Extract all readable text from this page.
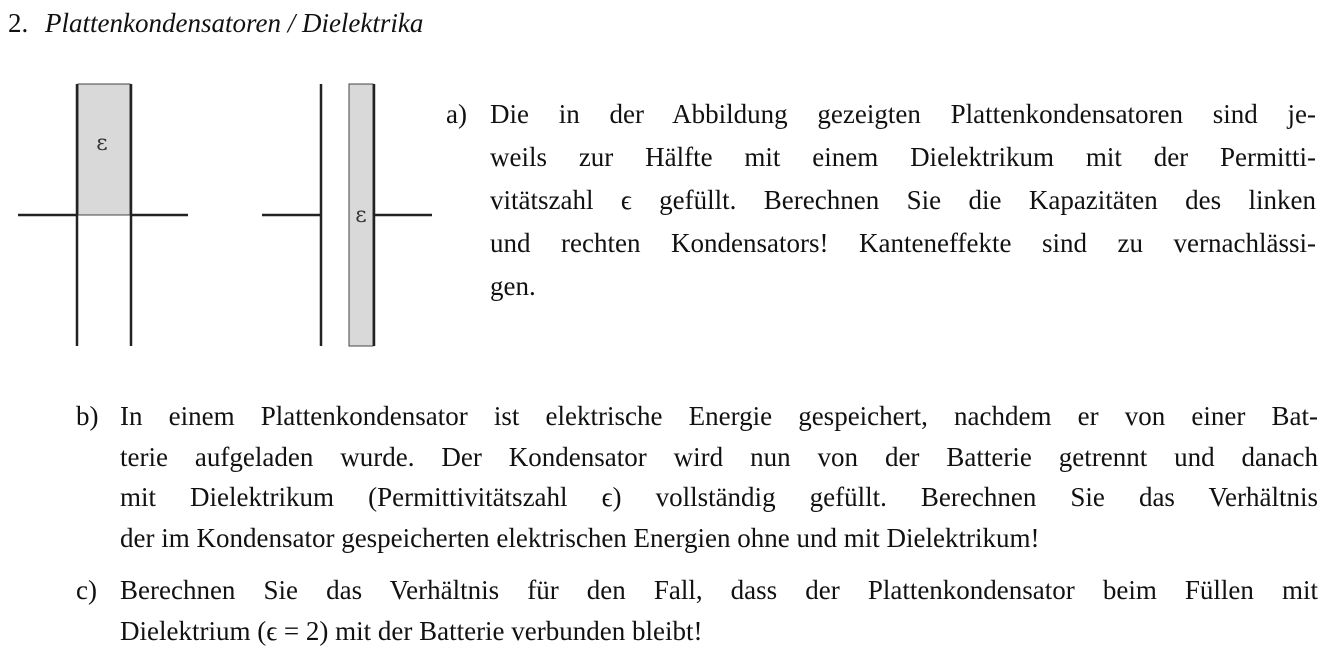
2. Plattenkondensatoren / Dielektrika
ε
ε
a) Die in der Abbildung gezeigten Plattenkondensatoren sind je-
weils zur Hälfte mit einem Dielektrikum mit der Permitti-
vitätszahl ϵ gefüllt. Berechnen Sie die Kapazitäten des linken
und rechten Kondensators! Kanteneffekte sind zu vernachlässi-
gen.
b) In einem Plattenkondensator ist elektrische Energie gespeichert, nachdem er von einer Bat-
terie aufgeladen wurde. Der Kondensator wird nun von der Batterie getrennt und danach
mit Dielektrikum (Permittivitätszahl ϵ) vollständig gefüllt. Berechnen Sie das Verhältnis
der im Kondensator gespeicherten elektrischen Energien ohne und mit Dielektrikum!
c) Berechnen Sie das Verhältnis für den Fall, dass der Plattenkondensator beim Füllen mit
Dielektrium (ϵ = 2) mit der Batterie verbunden bleibt!
